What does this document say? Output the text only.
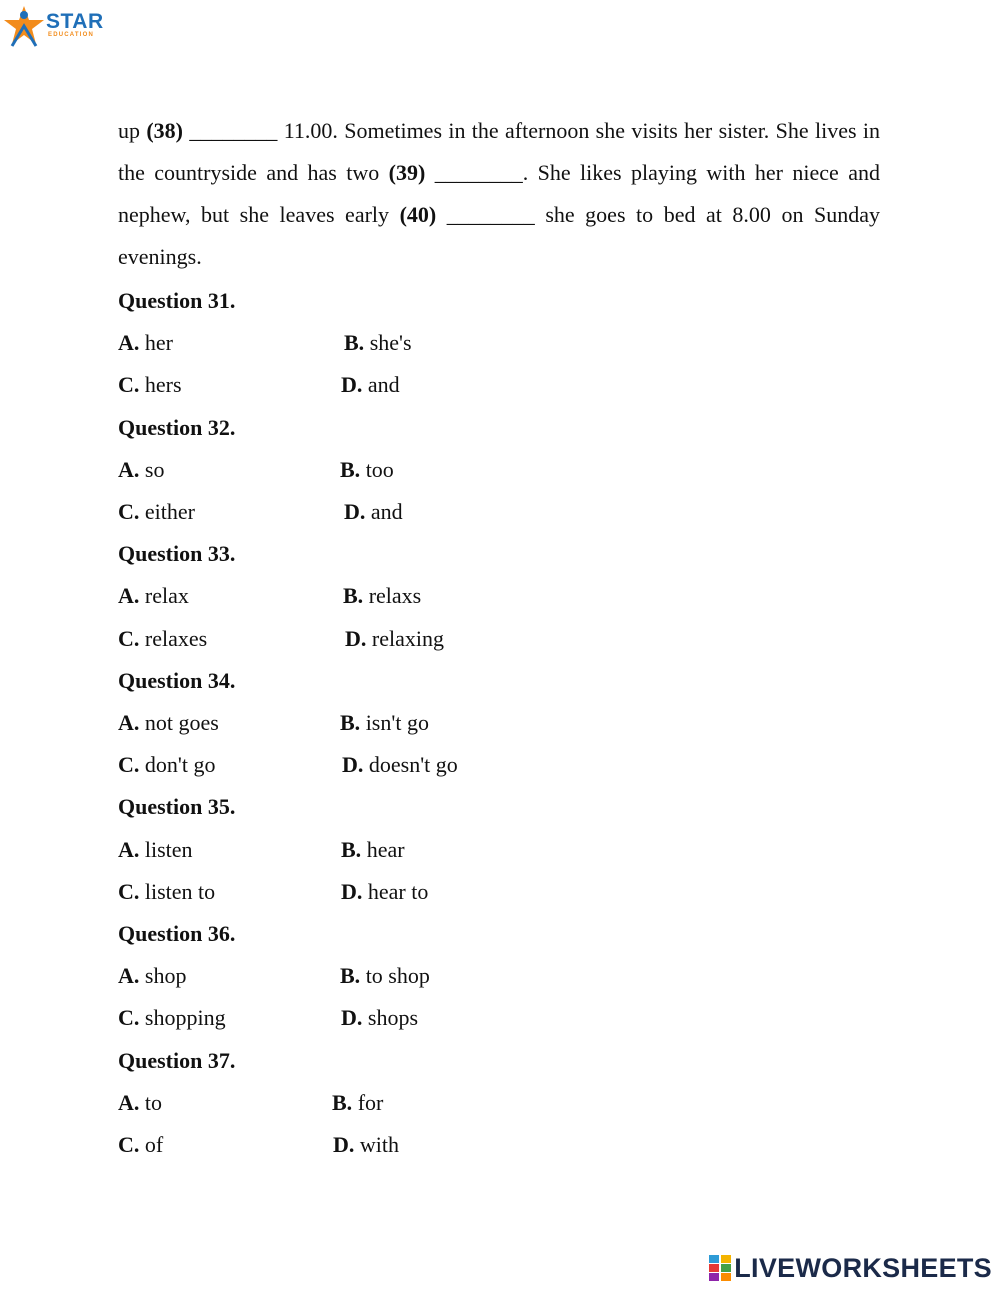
STAR
EDUCATION

up (38) ________ 11.00. Sometimes in the afternoon she visits her sister. She lives in the countryside and has two (39) ________. She likes playing with her niece and nephew, but she leaves early (40) ________ she goes to bed at 8.00 on Sunday evenings.

Question 31.
A. her	B. she's
C. hers	D. and
Question 32.
A. so	B. too
C. either	D. and
Question 33.
A. relax	B. relaxs
C. relaxes	D. relaxing
Question 34.
A. not goes	B. isn't go
C. don't go	D. doesn't go
Question 35.
A. listen	B. hear
C. listen to	D. hear to
Question 36.
A. shop	B. to shop
C. shopping	D. shops
Question 37.
A. to	B. for
C. of	D. with
LIVEWORKSHEETS
